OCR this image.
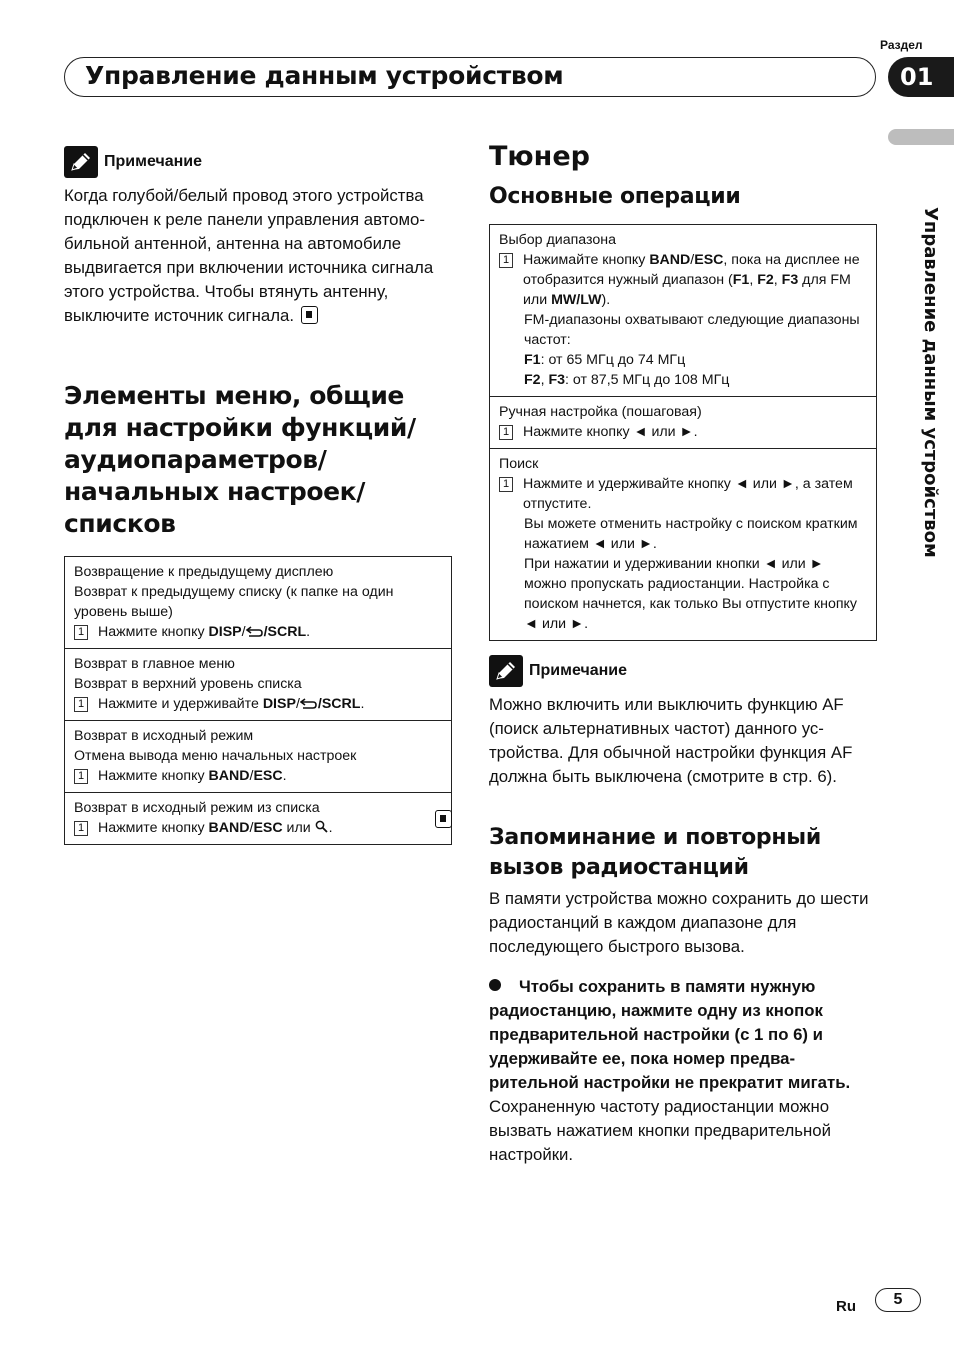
Управление данным устройством
Раздел
01
Управление данным устройством
Примечание

Когда голубой/белый провод этого устройства подключен к реле панели управления автомобильной антенной, антенна на автомобиле выдвигается при включении источника сигнала этого устройства. Чтобы втянуть антенну, выключите источник сигнала.

Элементы меню, общие для настройки функций/ аудиопараметров/начальных настроек/списков
Возвращение к предыдущему дисплею
Возврат к предыдущему списку (к папке на один уровень выше)
1 Нажмите кнопку DISP/ /SCRL.

Возврат в главное меню
Возврат в верхний уровень списка
1 Нажмите и удерживайте DISP/ /SCRL.

Возврат в исходный режим
Отмена вывода меню начальных настроек
1 Нажмите кнопку BAND/ESC.

Возврат в исходный режим из списка
1 Нажмите кнопку BAND/ESC или .
Тюнер
Основные операции
Выбор диапазона
1 Нажимайте кнопку BAND/ESC, пока на дисплее не отобразится нужный диапазон (F1, F2, F3 для FM или MW/LW).
FM-диапазоны охватывают следующие диапазоны частот:
F1: от 65 МГц до 74 МГц
F2, F3: от 87,5 МГц до 108 МГц

Ручная настройка (пошаговая)
1 Нажмите кнопку ◄ или ►.

Поиск
1 Нажмите и удерживайте кнопку ◄ или ►, а затем отпустите.
Вы можете отменить настройку с поиском кратким нажатием ◄ или ►.
При нажатии и удерживании кнопки ◄ или ► можно пропускать радиостанции. Настройка с поиском начнется, как только Вы отпустите кнопку ◄ или ►.
Примечание

Можно включить или выключить функцию AF (поиск альтернативных частот) данного устройства. Для обычной настройки функция AF должна быть выключена (смотрите в стр. 6).

Запоминание и повторный вызов радиостанций

В памяти устройства можно сохранить до шести радиостанций в каждом диапазоне для последующего быстрого вызова.

Чтобы сохранить в памяти нужную радиостанцию, нажмите одну из кнопок предварительной настройки (с 1 по 6) и удерживайте ее, пока номер предварительной настройки не прекратит мигать.

Сохраненную частоту радиостанции можно вызвать нажатием кнопки предварительной настройки.

Ru	5
